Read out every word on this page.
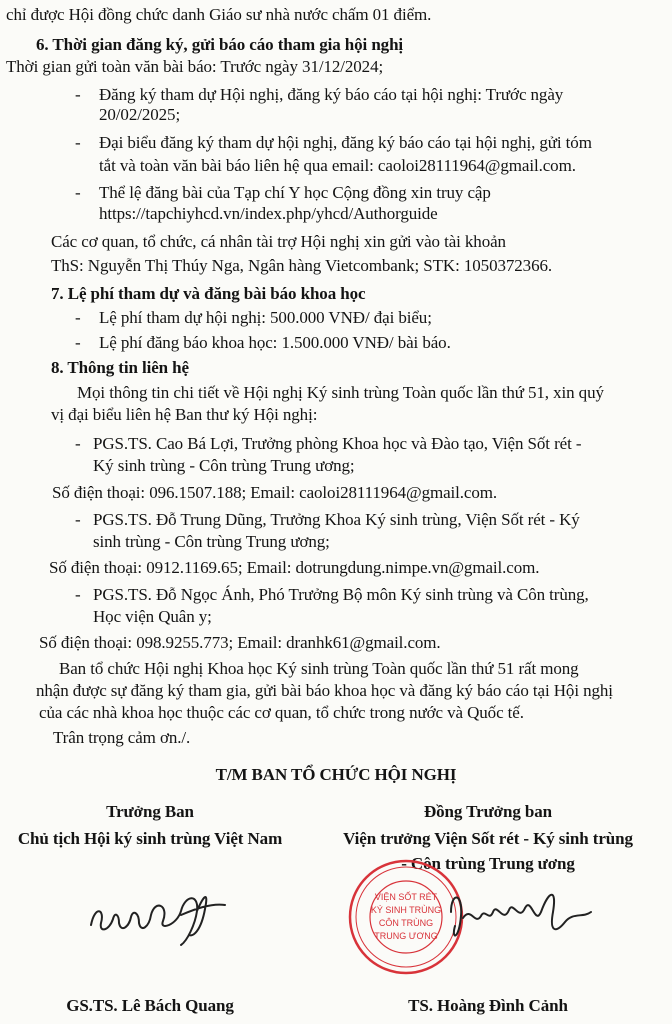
chỉ được Hội đồng chức danh Giáo sư nhà nước chấm 01 điểm.
6. Thời gian đăng ký, gửi báo cáo tham gia hội nghị
Thời gian gửi toàn văn bài báo: Trước ngày 31/12/2024;
- Đăng ký tham dự Hội nghị, đăng ký báo cáo tại hội nghị: Trước ngày
20/02/2025;
- Đại biểu đăng ký tham dự hội nghị, đăng ký báo cáo tại hội nghị, gửi tóm
tắt và toàn văn bài báo liên hệ qua email: caoloi28111964@gmail.com.
- Thể lệ đăng bài của Tạp chí Y học Cộng đồng xin truy cập
https://tapchiyhcd.vn/index.php/yhcd/Authorguide
Các cơ quan, tổ chức, cá nhân tài trợ Hội nghị xin gửi vào tài khoản
ThS: Nguyễn Thị Thúy Nga, Ngân hàng Vietcombank; STK: 1050372366.
7. Lệ phí tham dự và đăng bài báo khoa học
- Lệ phí tham dự hội nghị: 500.000 VNĐ/ đại biểu;
- Lệ phí đăng báo khoa học: 1.500.000 VNĐ/ bài báo.
8. Thông tin liên hệ
Mọi thông tin chi tiết về Hội nghị Ký sinh trùng Toàn quốc lần thứ 51, xin quý
vị đại biểu liên hệ Ban thư ký Hội nghị:
- PGS.TS. Cao Bá Lợi, Trưởng phòng Khoa học và Đào tạo, Viện Sốt rét -
Ký sinh trùng - Côn trùng Trung ương;
Số điện thoại: 096.1507.188; Email: caoloi28111964@gmail.com.
- PGS.TS. Đỗ Trung Dũng, Trưởng Khoa Ký sinh trùng, Viện Sốt rét - Ký
sinh trùng - Côn trùng Trung ương;
Số điện thoại: 0912.1169.65; Email: dotrungdung.nimpe.vn@gmail.com.
- PGS.TS. Đỗ Ngọc Ánh, Phó Trưởng Bộ môn Ký sinh trùng và Côn trùng,
Học viện Quân y;
Số điện thoại: 098.9255.773; Email: dranhk61@gmail.com.
Ban tổ chức Hội nghị Khoa học Ký sinh trùng Toàn quốc lần thứ 51 rất mong
nhận được sự đăng ký tham gia, gửi bài báo khoa học và đăng ký báo cáo tại Hội nghị
của các nhà khoa học thuộc các cơ quan, tổ chức trong nước và Quốc tế.
Trân trọng cảm ơn./.
T/M BAN TỔ CHỨC HỘI NGHỊ
Trưởng Ban
Chủ tịch Hội ký sinh trùng Việt Nam
Đồng Trưởng ban
Viện trưởng Viện Sốt rét - Ký sinh trùng
- Côn trùng Trung ương
VIỆN SỐT RÉT
KÝ SINH TRÙNG
CÔN TRÙNG
TRUNG ƯƠNG
GS.TS. Lê Bách Quang	TS. Hoàng Đình Cảnh
